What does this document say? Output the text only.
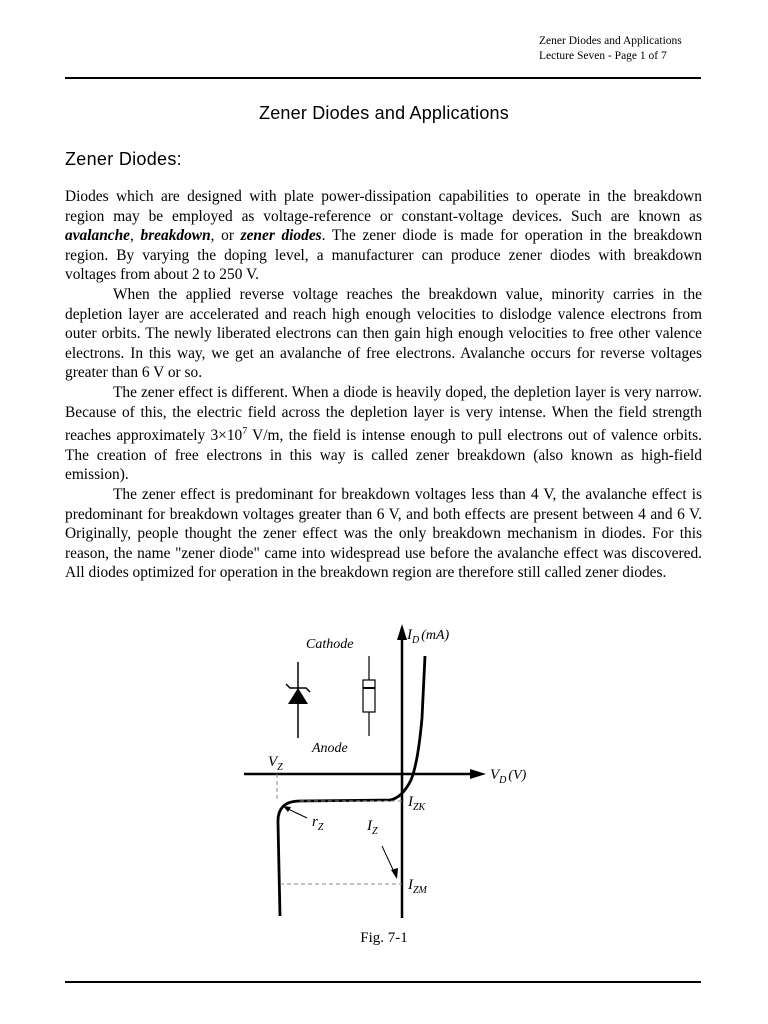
Zener Diodes and Applications
Lecture Seven - Page 1 of 7
Zener Diodes and Applications
Zener Diodes:

Diodes which are designed with plate power-dissipation capabilities to operate in the breakdown region may be employed as voltage-reference or constant-voltage devices. Such are known as avalanche, breakdown, or zener diodes. The zener diode is made for operation in the breakdown region. By varying the doping level, a manufacturer can produce zener diodes with breakdown voltages from about 2 to 250 V.

When the applied reverse voltage reaches the breakdown value, minority carries in the depletion layer are accelerated and reach high enough velocities to dislodge valence electrons from outer orbits. The newly liberated electrons can then gain high enough velocities to free other valence electrons. In this way, we get an avalanche of free electrons. Avalanche occurs for reverse voltages greater than 6 V or so.

The zener effect is different. When a diode is heavily doped, the depletion layer is very narrow. Because of this, the electric field across the depletion layer is very intense. When the field strength reaches approximately $3\times 10^7$ V/m, the field is intense enough to pull electrons out of valence orbits. The creation of free electrons in this way is called zener breakdown (also known as high-field emission).

The zener effect is predominant for breakdown voltages less than 4 V, the avalanche effect is predominant for breakdown voltages greater than 6 V, and both effects are present between 4 and 6 V. Originally, people thought the zener effect was the only breakdown mechanism in diodes. For this reason, the name "zener diode" came into widespread use before the avalanche effect was discovered. All diodes optimized for operation in the breakdown region are therefore still called zener diodes.

$I_D$ (mA)
$V_D$ (V)
Cathode
Anode
$V_Z$
$I_{ZK}$
$I_{ZM}$
$r_Z$	$I_Z$
Fig. 7-1
